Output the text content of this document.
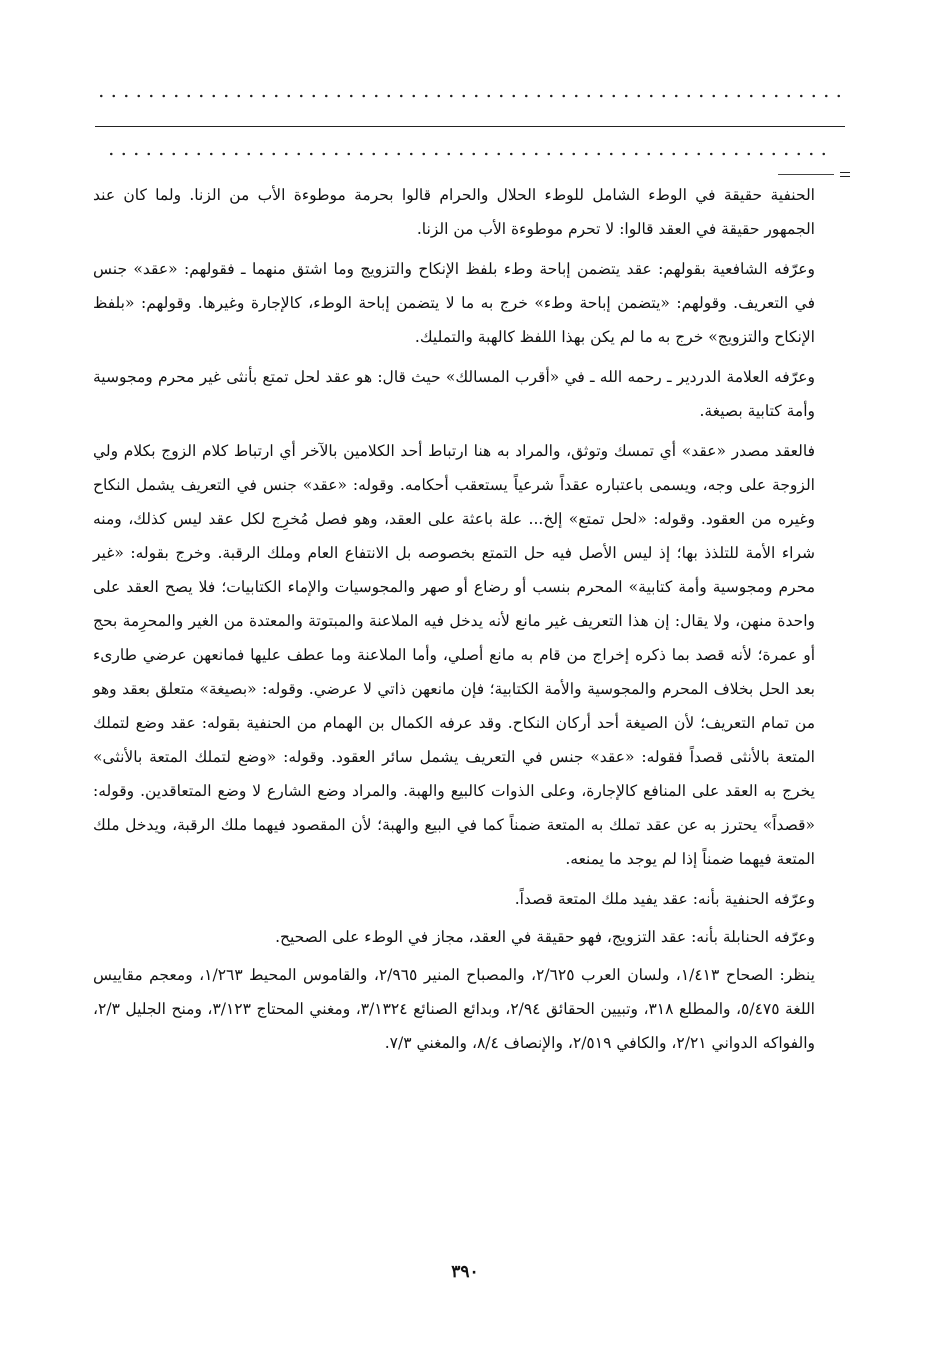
الحنفية حقيقة في الوطء الشامل للوطء الحلال والحرام قالوا بحرمة موطوءة الأب من الزنا. ولما كان عند الجمهور حقيقة في العقد قالوا: لا تحرم موطوءة الأب من الزنا.

وعرّفه الشافعية بقولهم: عقد يتضمن إباحة وطء بلفظ الإنكاح والتزويج وما اشتق منهما ـ فقولهم: «عقد» جنس في التعريف. وقولهم: «يتضمن إباحة وطء» خرج به ما لا يتضمن إباحة الوطء، كالإجارة وغيرها. وقولهم: «بلفظ الإنكاح والتزويج» خرج به ما لم يكن بهذا اللفظ كالهبة والتمليك.

وعرّفه العلامة الدردير ـ رحمه الله ـ في «أقرب المسالك» حيث قال: هو عقد لحل تمتع بأنثى غير محرم ومجوسية وأمة كتابية بصيغة.

فالعقد مصدر «عقد» أي تمسك وتوثق، والمراد به هنا ارتباط أحد الكلامين بالآخر أي ارتباط كلام الزوج بكلام ولي الزوجة على وجه، ويسمى باعتباره عقداً شرعياً يستعقب أحكامه. وقوله: «عقد» جنس في التعريف يشمل النكاح وغيره من العقود. وقوله: «لحل تمتع» إلخ... علة باعثة على العقد، وهو فصل مُخرِج لكل عقد ليس كذلك، ومنه شراء الأمة للتلذذ بها؛ إذ ليس الأصل فيه حل التمتع بخصوصه بل الانتفاع العام وملك الرقبة. وخرج بقوله: «غير محرم ومجوسية وأمة كتابية» المحرم بنسب أو رضاع أو صهر والمجوسيات والإماء الكتابيات؛ فلا يصح العقد على واحدة منهن، ولا يقال: إن هذا التعريف غير مانع لأنه يدخل فيه الملاعنة والمبتوتة والمعتدة من الغير والمحرِمة بحج أو عمرة؛ لأنه قصد بما ذكره إخراج من قام به مانع أصلي، وأما الملاعنة وما عطف عليها فمانعهن عرضي طارىء بعد الحل بخلاف المحرم والمجوسية والأمة الكتابية؛ فإن مانعهن ذاتي لا عرضي. وقوله: «بصيغة» متعلق بعقد وهو من تمام التعريف؛ لأن الصيغة أحد أركان النكاح. وقد عرفه الكمال بن الهمام من الحنفية بقوله: عقد وضع لتملك المتعة بالأنثى قصداً فقوله: «عقد» جنس في التعريف يشمل سائر العقود. وقوله: «وضع لتملك المتعة بالأنثى» يخرج به العقد على المنافع كالإجارة، وعلى الذوات كالبيع والهبة. والمراد وضع الشارع لا وضع المتعاقدين. وقوله: «قصداً» يحترز به عن عقد تملك به المتعة ضمناً كما في البيع والهبة؛ لأن المقصود فيهما ملك الرقبة، ويدخل ملك المتعة فيهما ضمناً إذا لم يوجد ما يمنعه.

وعرّفه الحنفية بأنه: عقد يفيد ملك المتعة قصداً.

وعرّفه الحنابلة بأنه: عقد التزويج، فهو حقيقة في العقد، مجاز في الوطء على الصحيح.

ينظر: الصحاح ١/٤١٣، ولسان العرب ٢/٦٢٥، والمصباح المنير ٢/٩٦٥، والقاموس المحيط ١/٢٦٣، ومعجم مقاييس اللغة ٥/٤٧٥، والمطلع ٣١٨، وتبيين الحقائق ٢/٩٤، وبدائع الصنائع ٣/١٣٢٤، ومغني المحتاج ٣/١٢٣، ومنح الجليل ٢/٣، والفواكه الدواني ٢/٢١، والكافي ٢/٥١٩، والإنصاف ٨/٤، والمغني ٧/٣.

٣٩٠
